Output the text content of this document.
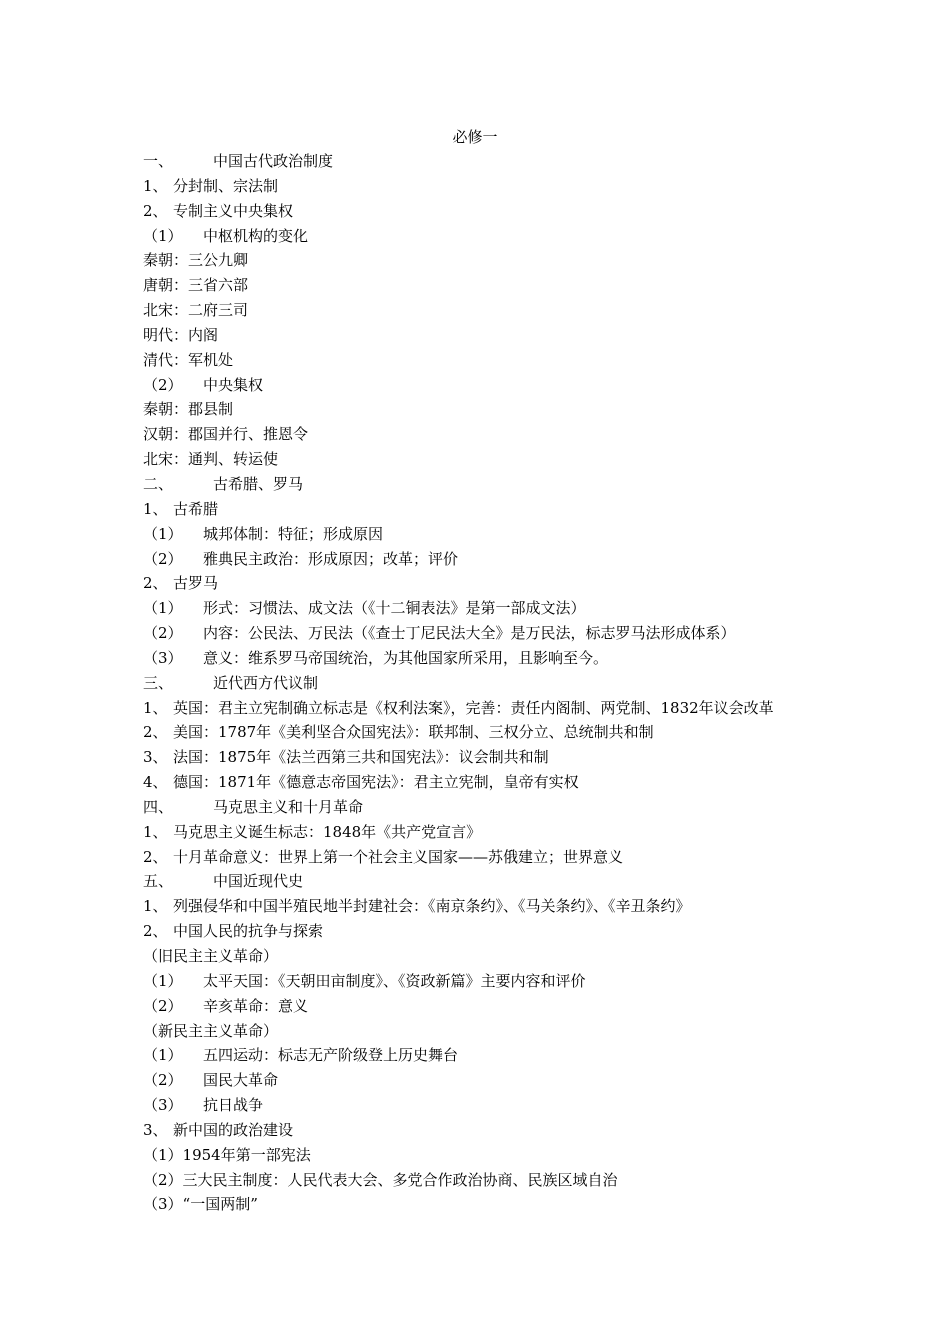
必修一
一、	中国古代政治制度
1、 分封制、宗法制
2、 专制主义中央集权
（1） 中枢机构的变化
秦朝：三公九卿
唐朝：三省六部
北宋：二府三司
明代：内阁
清代：军机处
（2） 中央集权
秦朝：郡县制
汉朝：郡国并行、推恩令
北宋：通判、转运使
二、	古希腊、罗马
1、 古希腊
（1） 城邦体制：特征；形成原因
（2） 雅典民主政治：形成原因；改革；评价
2、 古罗马
（1） 形式：习惯法、成文法（《十二铜表法》是第一部成文法）
（2） 内容：公民法、万民法（《查士丁尼民法大全》是万民法，标志罗马法形成体系）
（3） 意义：维系罗马帝国统治，为其他国家所采用，且影响至今。
三、	近代西方代议制
1、 英国：君主立宪制确立标志是《权利法案》，完善：责任内阁制、两党制、1832年议会改革
2、 美国：1787年《美利坚合众国宪法》：联邦制、三权分立、总统制共和制
3、 法国：1875年《法兰西第三共和国宪法》：议会制共和制
4、 德国：1871年《德意志帝国宪法》：君主立宪制，皇帝有实权
四、	马克思主义和十月革命
1、 马克思主义诞生标志：1848年《共产党宣言》
2、 十月革命意义：世界上第一个社会主义国家——苏俄建立；世界意义
五、	中国近现代史
1、 列强侵华和中国半殖民地半封建社会：《南京条约》、《马关条约》、《辛丑条约》
2、 中国人民的抗争与探索
（旧民主主义革命）
（1） 太平天国：《天朝田亩制度》、《资政新篇》主要内容和评价
（2） 辛亥革命：意义
（新民主主义革命）
（1） 五四运动：标志无产阶级登上历史舞台
（2） 国民大革命
（3） 抗日战争
3、 新中国的政治建设
（1）1954年第一部宪法
（2）三大民主制度：人民代表大会、多党合作政治协商、民族区域自治
（3）“一国两制”
